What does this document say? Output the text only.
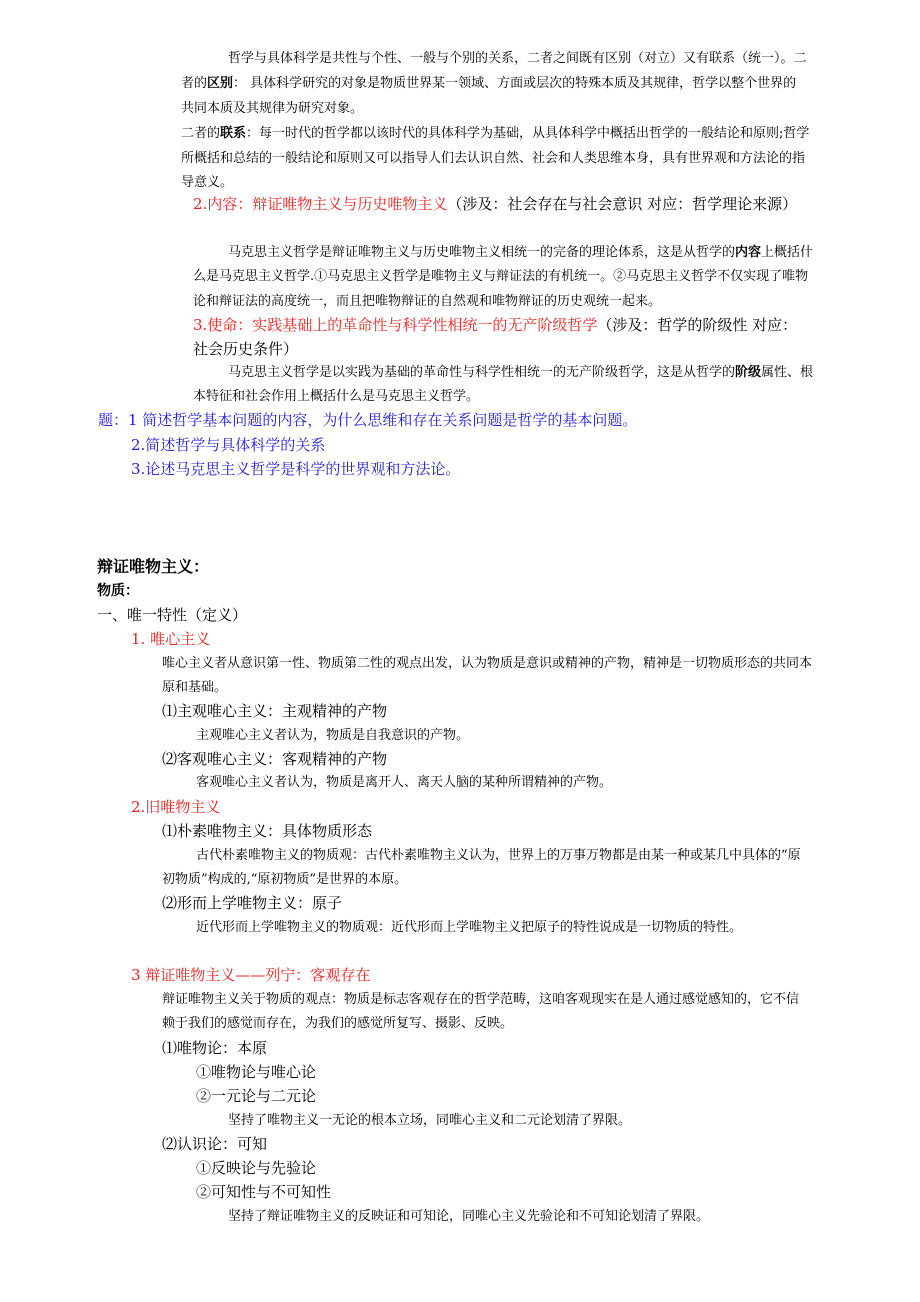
哲学与具体科学是共性与个性、一般与个别的关系，二者之间既有区别（对立）又有联系（统一）。二
者的区别： 具体科学研究的对象是物质世界某一领域、方面或层次的特殊本质及其规律，哲学以整个世界的
共同本质及其规律为研究对象。
二者的联系：每一时代的哲学都以该时代的具体科学为基础，从具体科学中概括出哲学的一般结论和原则;哲学
所概括和总结的一般结论和原则又可以指导人们去认识自然、社会和人类思维本身，具有世界观和方法论的指
导意义。
2.内容：辩证唯物主义与历史唯物主义（涉及：社会存在与社会意识 对应：哲学理论来源）
马克思主义哲学是辩证唯物主义与历史唯物主义相统一的完备的理论体系，这是从哲学的内容上概括什
么是马克思主义哲学.①马克思主义哲学是唯物主义与辩证法的有机统一。②马克思主义哲学不仅实现了唯物
论和辩证法的高度统一，而且把唯物辩证的自然观和唯物辩证的历史观统一起来。
3.使命：实践基础上的革命性与科学性相统一的无产阶级哲学（涉及：哲学的阶级性 对应：
社会历史条件）
马克思主义哲学是以实践为基础的革命性与科学性相统一的无产阶级哲学，这是从哲学的阶级属性、根
本特征和社会作用上概括什么是马克思主义哲学。
题：1 简述哲学基本问题的内容，为什么思维和存在关系问题是哲学的基本问题。
2.简述哲学与具体科学的关系
3.论述马克思主义哲学是科学的世界观和方法论。
辩证唯物主义：
物质：
一、唯一特性（定义）
1. 唯心主义
唯心主义者从意识第一性、物质第二性的观点出发，认为物质是意识或精神的产物，精神是一切物质形态的共同本
原和基础。
⑴主观唯心主义：主观精神的产物
主观唯心主义者认为，物质是自我意识的产物。
⑵客观唯心主义：客观精神的产物
客观唯心主义者认为，物质是离开人、离天人脑的某种所谓精神的产物。
2.旧唯物主义
⑴朴素唯物主义：具体物质形态
古代朴素唯物主义的物质观：古代朴素唯物主义认为，世界上的万事万物都是由某一种或某几中具体的“原
初物质”构成的,“原初物质”是世界的本原。
⑵形而上学唯物主义：原子
近代形而上学唯物主义的物质观：近代形而上学唯物主义把原子的特性说成是一切物质的特性。
3 辩证唯物主义——列宁：客观存在
辩证唯物主义关于物质的观点：物质是标志客观存在的哲学范畴，这咱客观现实在是人通过感觉感知的，它不信
赖于我们的感觉而存在，为我们的感觉所复写、摄影、反映。
⑴唯物论：本原
①唯物论与唯心论
②一元论与二元论
坚持了唯物主义一无论的根本立场，同唯心主义和二元论划清了界限。
⑵认识论：可知
①反映论与先验论
②可知性与不可知性
坚持了辩证唯物主义的反映证和可知论，同唯心主义先验论和不可知论划清了界限。
